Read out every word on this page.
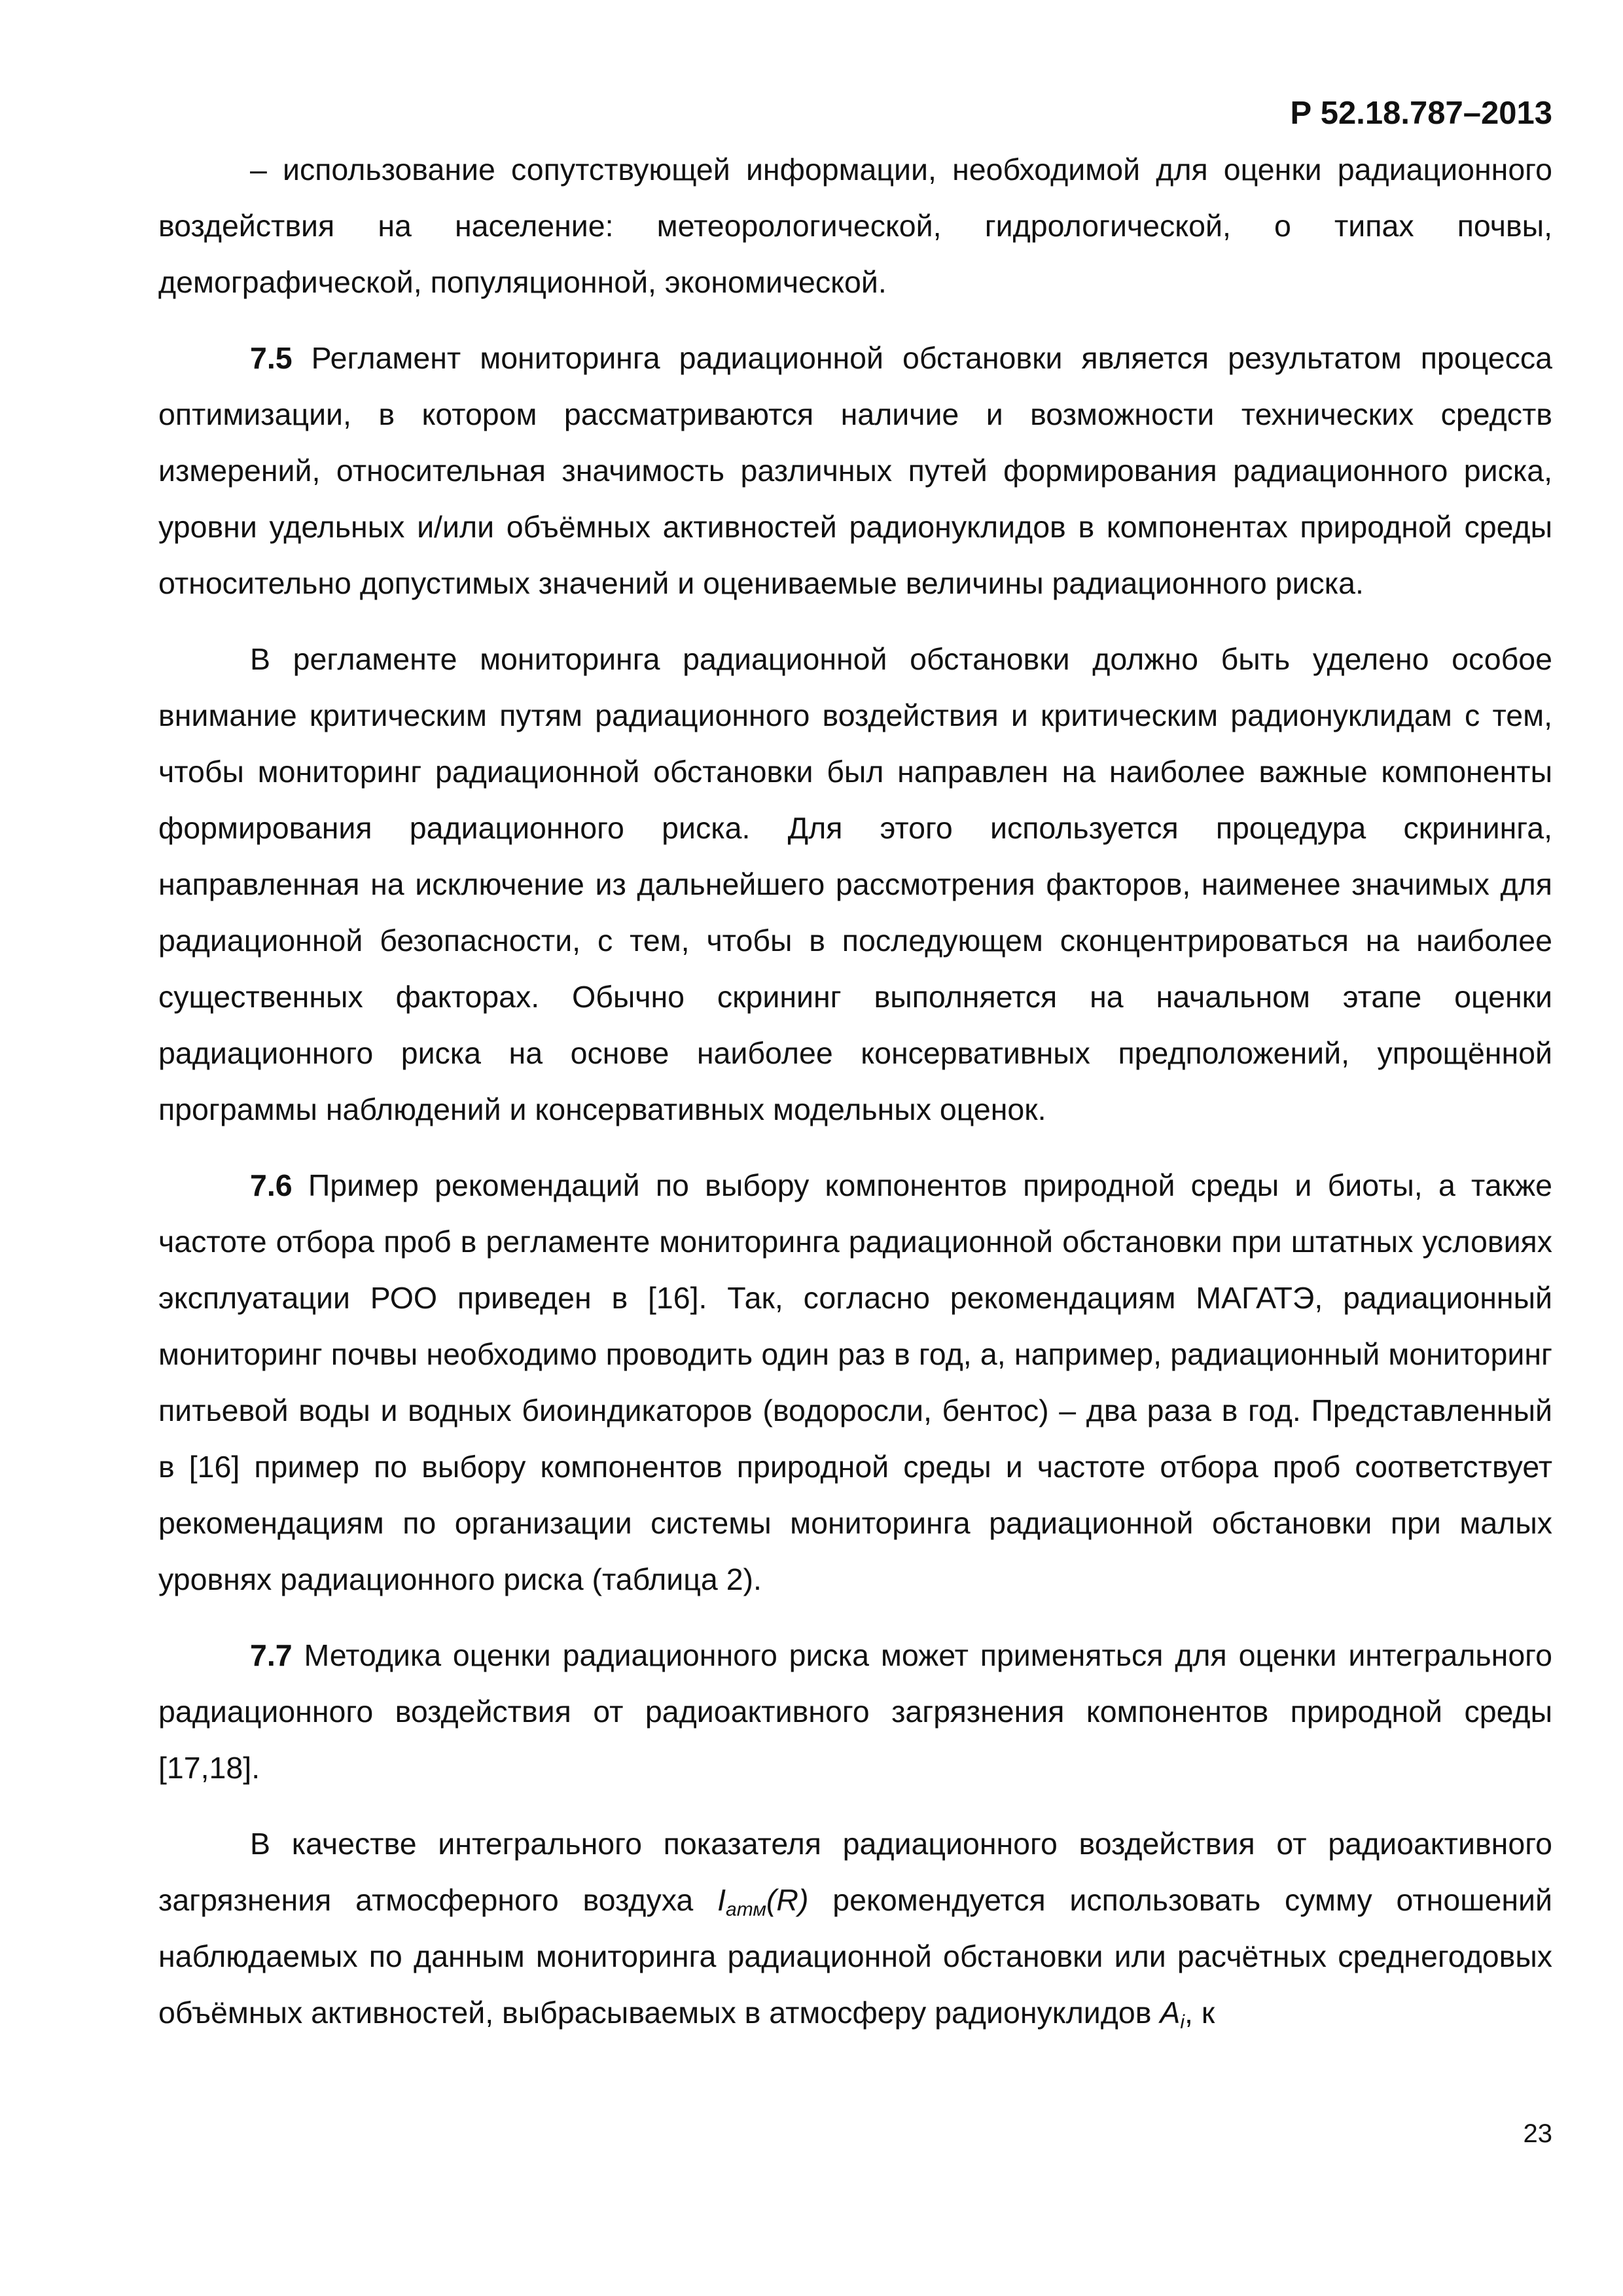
Р 52.18.787–2013

‒ использование сопутствующей информации, необходимой для оценки радиационного воздействия на население: метеорологической, гидрологической, о типах почвы, демографической, популяционной, экономической.

7.5 Регламент мониторинга радиационной обстановки является результатом процесса оптимизации, в котором рассматриваются наличие и возможности технических средств измерений, относительная значимость различных путей формирования радиационного риска, уровни удельных и/или объёмных активностей радионуклидов в компонентах природной среды относительно допустимых значений и оцениваемые величины радиационного риска.

В регламенте мониторинга радиационной обстановки должно быть уделено особое внимание критическим путям радиационного воздействия и критическим радионуклидам с тем, чтобы мониторинг радиационной обстановки был направлен на наиболее важные компоненты формирования радиационного риска. Для этого используется процедура скрининга, направленная на исключение из дальнейшего рассмотрения факторов, наименее значимых для радиационной безопасности, с тем, чтобы в последующем сконцентрироваться на наиболее существенных факторах. Обычно скрининг выполняется на начальном этапе оценки радиационного риска на основе наиболее консервативных предположений, упрощённой программы наблюдений и консервативных модельных оценок.

7.6 Пример рекомендаций по выбору компонентов природной среды и биоты, а также частоте отбора проб в регламенте мониторинга радиационной обстановки при штатных условиях эксплуатации РОО приведен в [16]. Так, согласно рекомендациям МАГАТЭ, радиационный мониторинг почвы необходимо проводить один раз в год, а, например, радиационный мониторинг питьевой воды и водных биоиндикаторов (водоросли, бентос) – два раза в год. Представленный в [16] пример по выбору компонентов природной среды и частоте отбора проб соответствует рекомендациям по организации системы мониторинга радиационной обстановки при малых уровнях радиационного риска (таблица 2).

7.7 Методика оценки радиационного риска может применяться для оценки интегрального радиационного воздействия от радиоактивного загрязнения компонентов природной среды [17,18].

В качестве интегрального показателя радиационного воздействия от радиоактивного загрязнения атмосферного воздуха $I_{атм}(R)$ рекомендуется использовать сумму отношений наблюдаемых по данным мониторинга радиационной обстановки или расчётных среднегодовых объёмных активностей, выбрасываемых в атмосферу радионуклидов $A_i$, к

23
